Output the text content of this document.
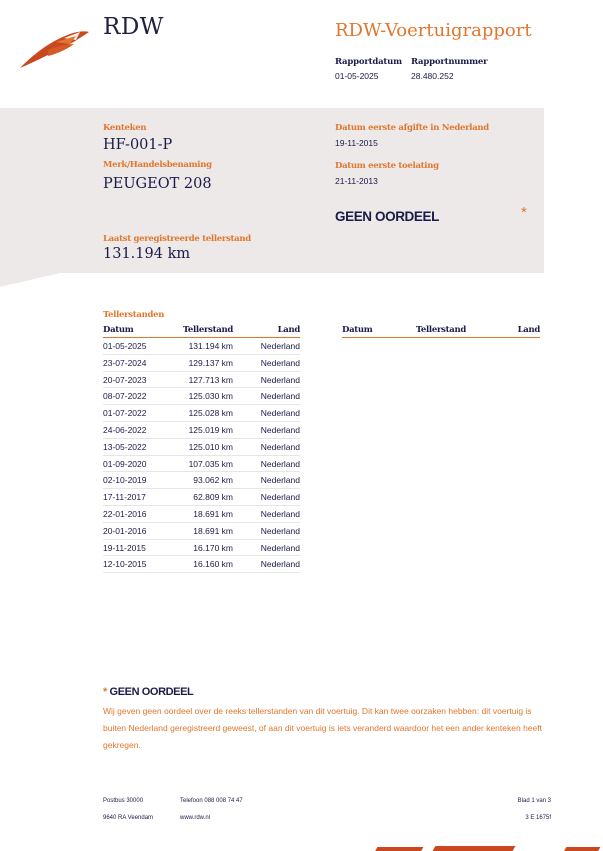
RDW	RDW-Voertuigrapport
Rapportdatum
01-05-2025
Rapportnummer
28.480.252
Kenteken
HF-001-P
Merk/Handelsbenaming
PEUGEOT 208
Datum eerste afgifte in Nederland
19-11-2015
Datum eerste toelating
21-11-2013
GEEN OORDEEL	*
Laatst geregistreerde tellerstand
131.194 km
Tellerstanden
Datum	Tellerstand	Land
01-05-2025	131.194 km	Nederland
23-07-2024	129.137 km	Nederland
20-07-2023	127.713 km	Nederland
08-07-2022	125.030 km	Nederland
01-07-2022	125.028 km	Nederland
24-06-2022	125.019 km	Nederland
13-05-2022	125.010 km	Nederland
01-09-2020	107.035 km	Nederland
02-10-2019	93.062 km	Nederland
17-11-2017	62.809 km	Nederland
22-01-2016	18.691 km	Nederland
20-01-2016	18.691 km	Nederland
19-11-2015	16.170 km	Nederland
12-10-2015	16.160 km	Nederland
Datum	Tellerstand	Land
* GEEN OORDEEL
Wij geven geen oordeel over de reeks tellerstanden van dit voertuig. Dit kan twee oorzaken hebben: dit voertuig is buiten Nederland geregistreerd geweest, of aan dit voertuig is iets veranderd waardoor het een ander kenteken heeft gekregen.
Postbus 30000
9640 RA Veendam
Telefoon 088 008 74 47
www.rdw.nl
Blad 1 van 3
3 E 1675f
